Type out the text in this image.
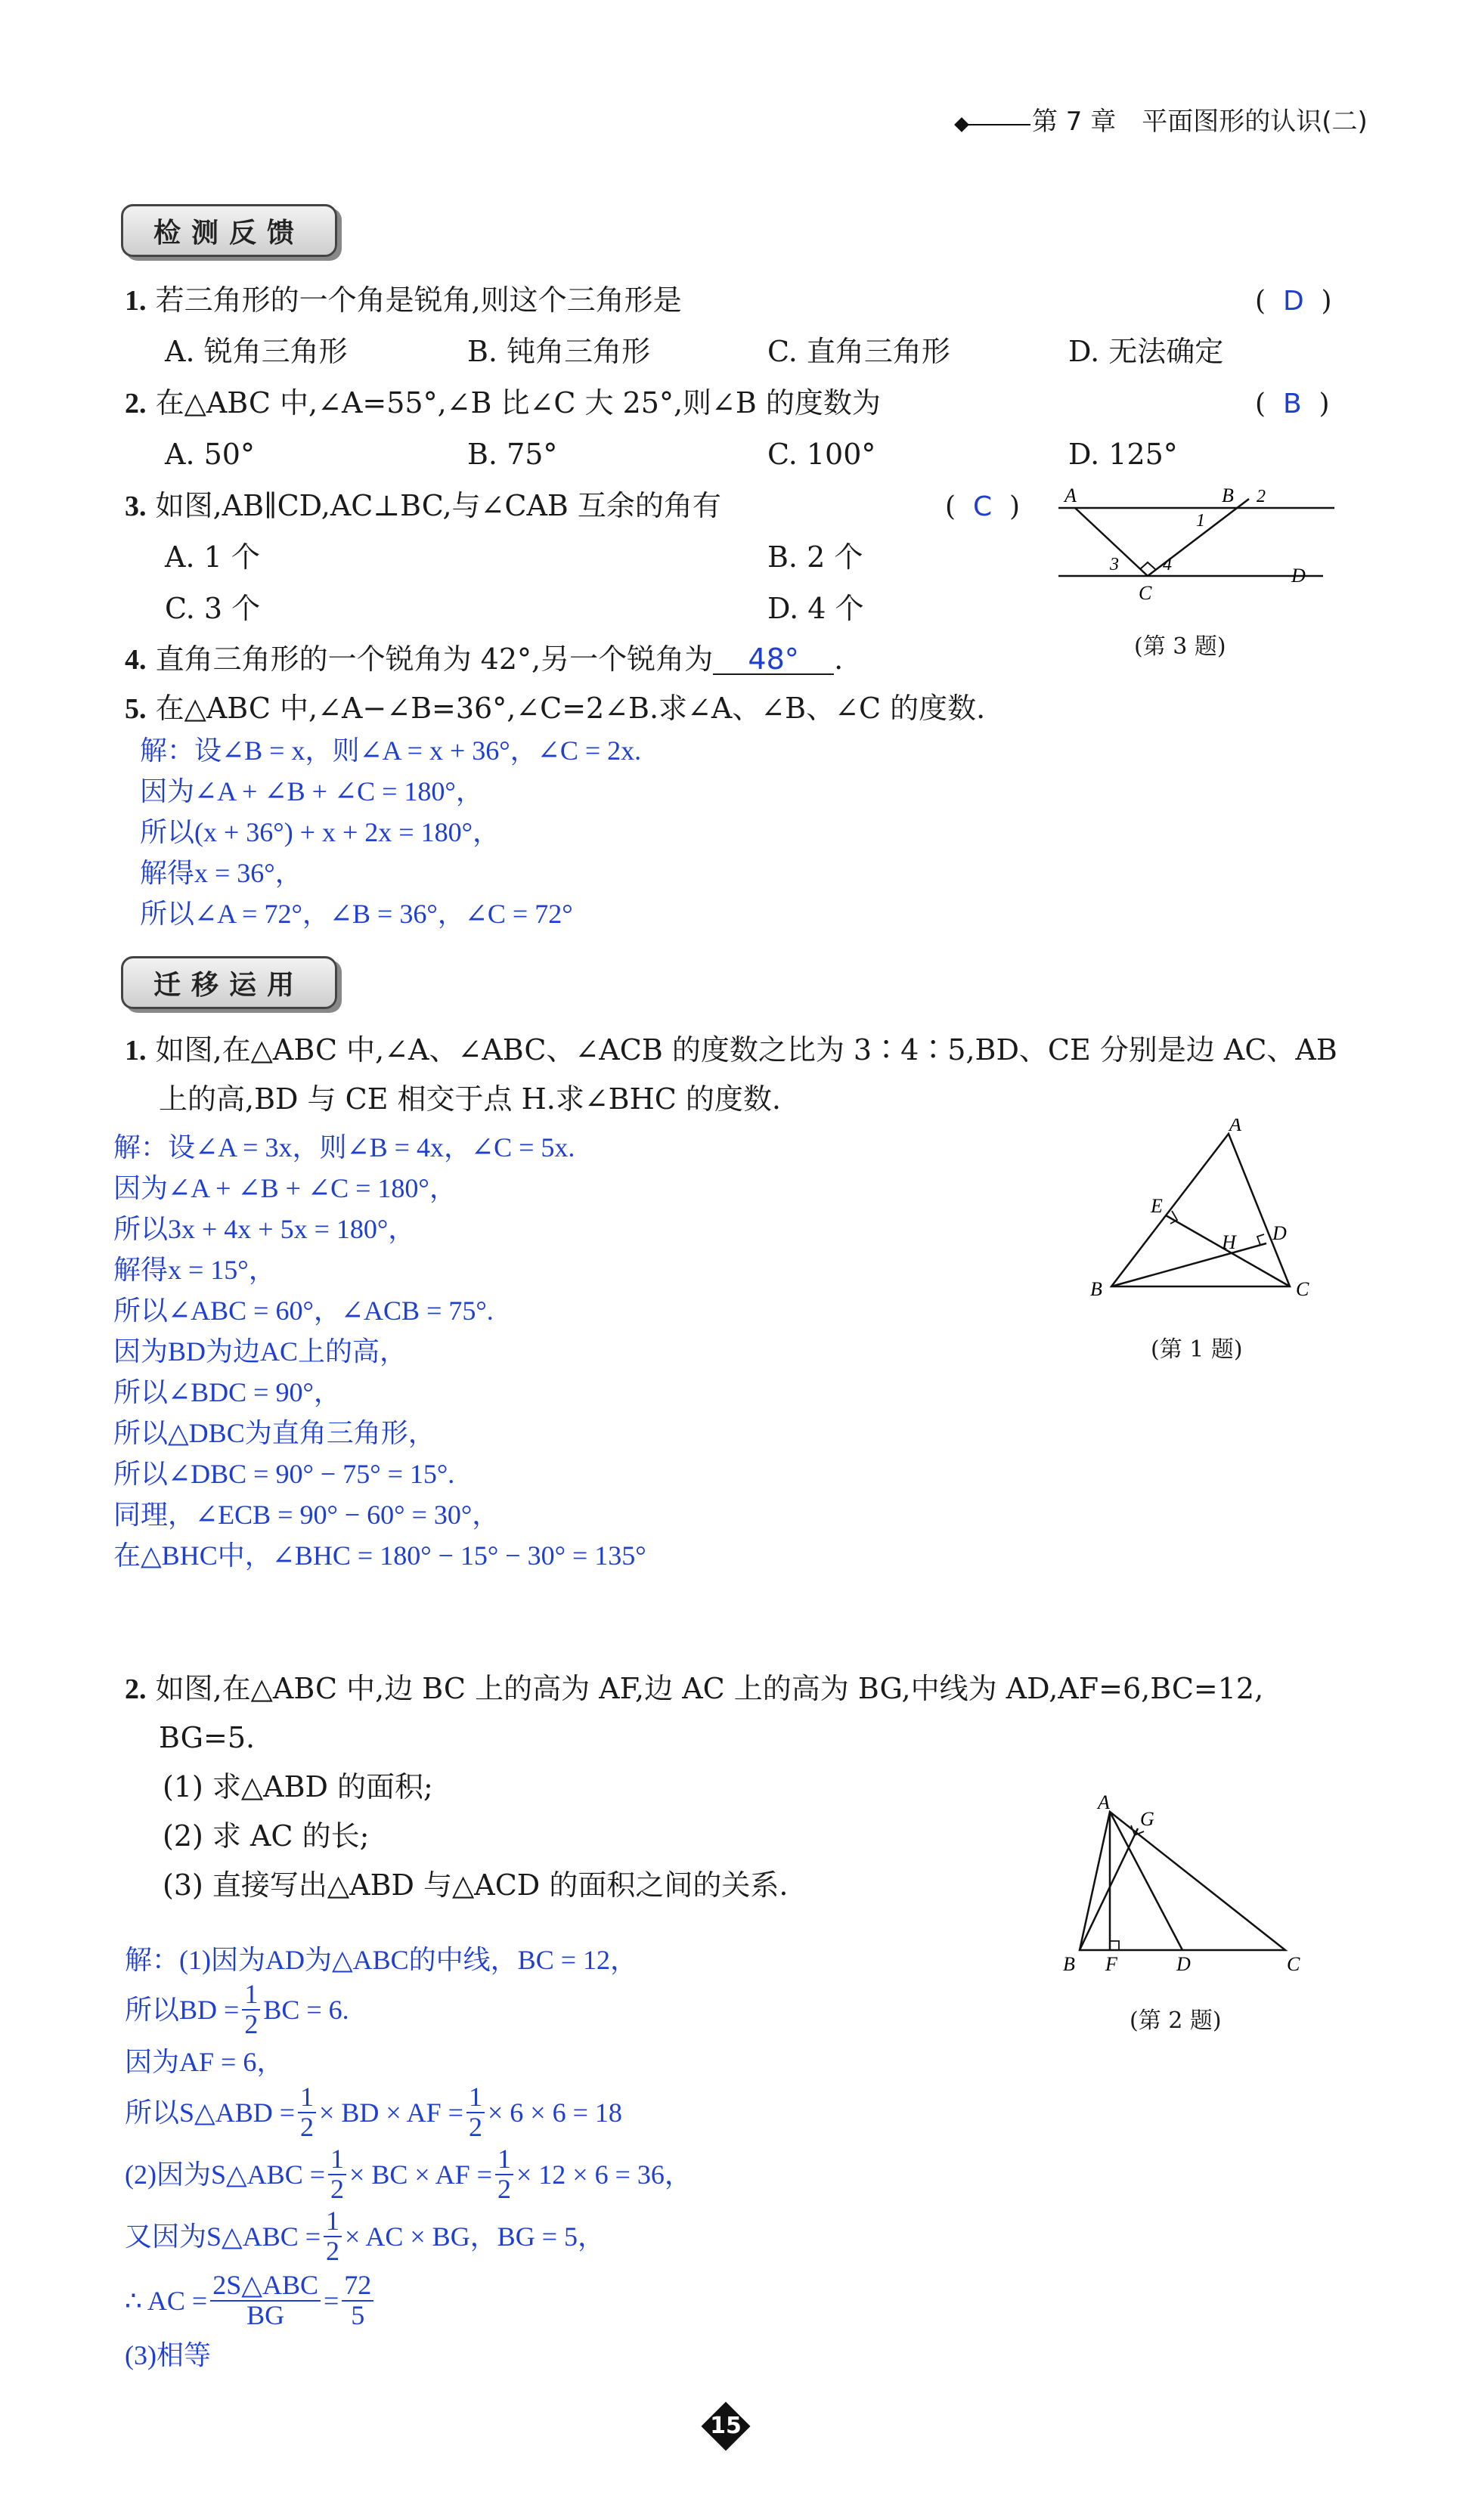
第 7 章　平面图形的认识(二)
检测反馈
1. 若三角形的一个角是锐角,则这个三角形是	(  D  )
A. 锐角三角形	B. 钝角三角形	C. 直角三角形	D. 无法确定
2. 在△ABC 中,∠A=55°,∠B 比∠C 大 25°,则∠B 的度数为	(  B  )
A. 50°	B. 75°	C. 100°	D. 125°
3. 如图,AB∥CD,AC⊥BC,与∠CAB 互余的角有	(  C  )
A. 1 个	B. 2 个
C. 3 个	D. 4 个
A	B
C
D
1
2
3 4
(第 3 题)
4. 直角三角形的一个锐角为 42°,另一个锐角为 48° .
5. 在△ABC 中,∠A−∠B=36°,∠C=2∠B.求∠A、∠B、∠C 的度数.
解：设∠B = x，则∠A = x + 36°，∠C = 2x.
因为∠A + ∠B + ∠C = 180°，
所以(x + 36°) + x + 2x = 180°，
解得x = 36°，
所以∠A = 72°，∠B = 36°，∠C = 72°
迁移运用
1. 如图,在△ABC 中,∠A、∠ABC、∠ACB 的度数之比为 3∶4∶5,BD、CE 分别是边 AC、AB
上的高,BD 与 CE 相交于点 H.求∠BHC 的度数.
解：设∠A = 3x，则∠B = 4x，∠C = 5x.
因为∠A + ∠B + ∠C = 180°，
所以3x + 4x + 5x = 180°，
解得x = 15°，
所以∠ABC = 60°，∠ACB = 75°.
因为BD为边AC上的高，
所以∠BDC = 90°，
所以△DBC为直角三角形，
所以∠DBC = 90° − 75° = 15°.
同理，∠ECB = 90° − 60° = 30°，
在△BHC中，∠BHC = 180° − 15° − 30° = 135°
A
B	C
D
E
H
(第 1 题)
2. 如图,在△ABC 中,边 BC 上的高为 AF,边 AC 上的高为 BG,中线为 AD,AF=6,BC=12,
BG=5.
(1) 求△ABD 的面积;
(2) 求 AC 的长;
(3) 直接写出△ABD 与△ACD 的面积之间的关系.
A
B	C
D
F
G
(第 2 题)
解：(1)因为AD为△ABC的中线，BC = 12，
所以BD = $\frac{1}{2}$ BC = 6.
因为AF = 6，
所以S△ABD = $\frac{1}{2}$ × BD × AF = $\frac{1}{2} \times 6 \times 6 = 18$
(2)因为S△ABC = $\frac{1}{2}$ × BC × AF = $\frac{1}{2} \times 12 \times 6 = 36$，
又因为S△ABC = $\frac{1}{2}$ × AC × BG，BG = 5，
∴ AC = $\frac{\text{2S△ABC}}{BG} = \frac{72}{5}$
(3)相等
15
